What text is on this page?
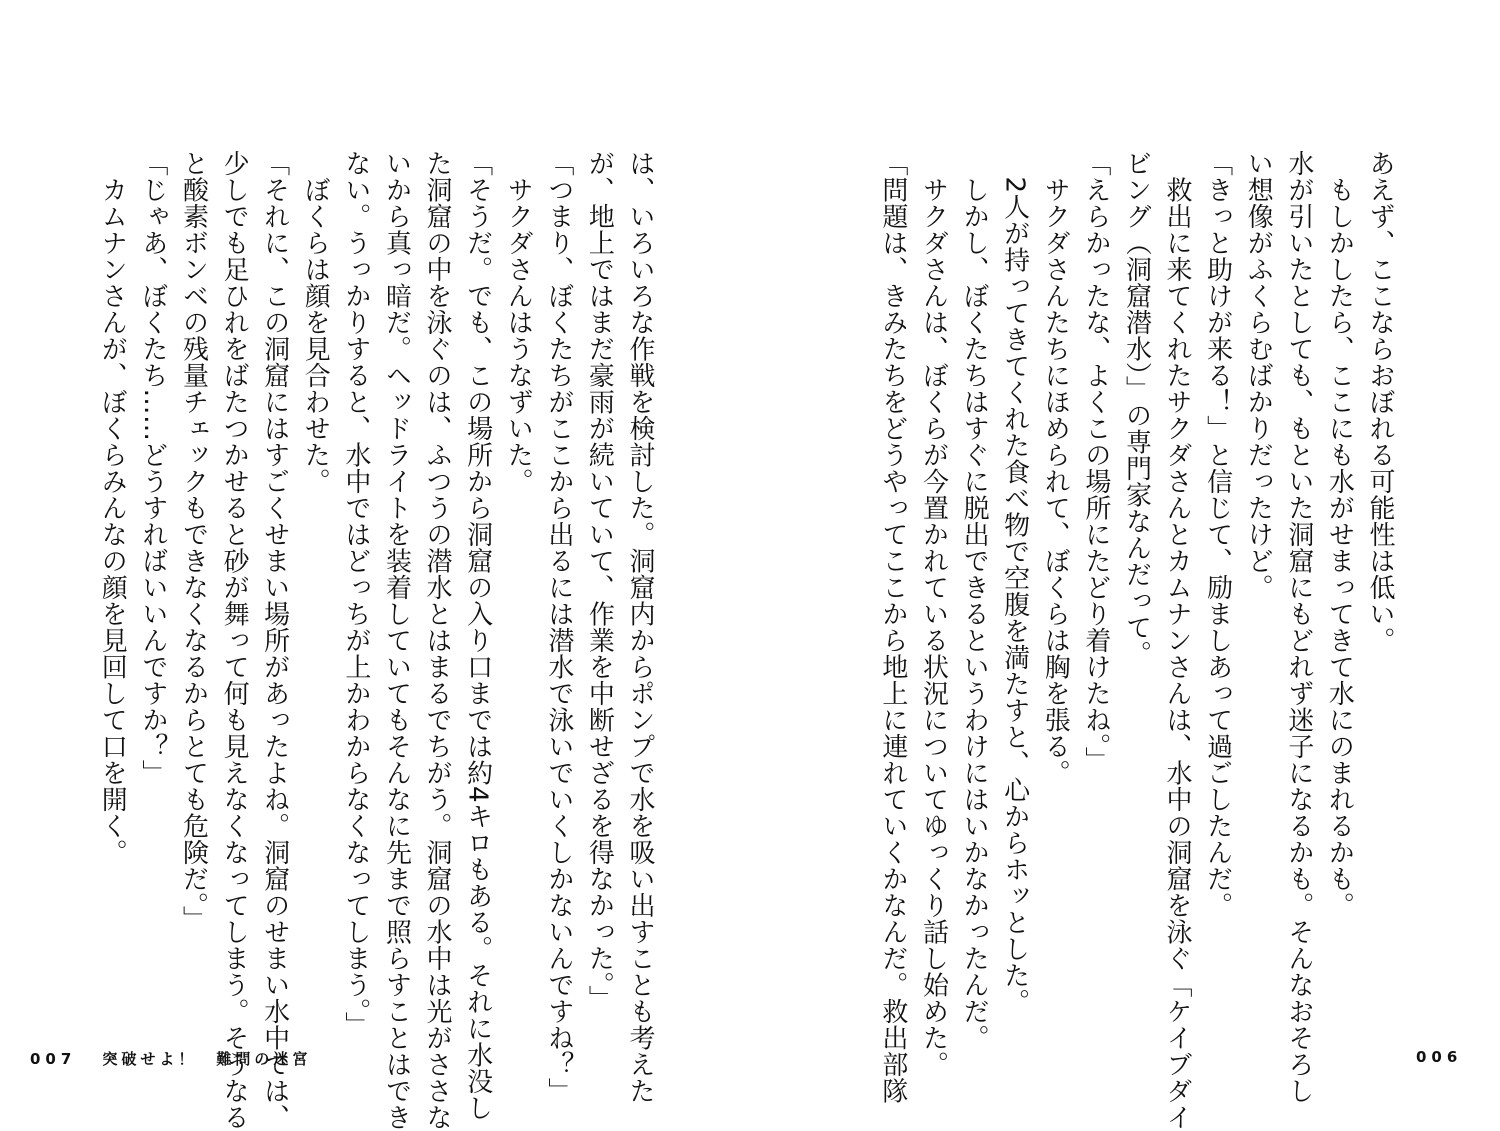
あえず、ここならおぼれる可能性は低い。

　もしかしたら、ここにも水がせまってきて水にのまれるかも。

水が引いたとしても、もといた洞窟にもどれず迷子になるかも。そんなおそろし

い想像がふくらむばかりだったけど。

「きっと助けが来る！」と信じて、励ましあって過ごしたんだ。

　救出に来てくれたサクダさんとカムナンさんは、水中の洞窟を泳ぐ「ケイブダイ

ビング（洞窟潜水）」の専門家なんだって。

「えらかったな、よくこの場所にたどり着けたね。」

　サクダさんたちにほめられて、ぼくらは胸を張る。

　2人が持ってきてくれた食べ物で空腹を満たすと、心からホッとした。

　しかし、ぼくたちはすぐに脱出できるというわけにはいかなかったんだ。

　サクダさんは、ぼくらが今置かれている状況についてゆっくり話し始めた。

「問題は、きみたちをどうやってここから地上に連れていくかなんだ。救出部隊

は、いろいろな作戦を検討した。洞窟内からポンプで水を吸い出すことも考えた

が、地上ではまだ豪雨が続いていて、作業を中断せざるを得なかった。」

「つまり、ぼくたちがここから出るには潜水で泳いでいくしかないんですね？」

　サクダさんはうなずいた。

「そうだ。でも、この場所から洞窟の入り口までは約4キロもある。それに水没し

た洞窟の中を泳ぐのは、ふつうの潜水とはまるでちがう。洞窟の水中は光がささな

いから真っ暗だ。ヘッドライトを装着していてもそんなに先まで照らすことはでき

ない。うっかりすると、水中ではどっちが上かわからなくなってしまう。」

　ぼくらは顔を見合わせた。

「それに、この洞窟にはすごくせまい場所があったよね。洞窟のせまい水中では、

少しでも足ひれをばたつかせると砂が舞って何も見えなくなってしまう。そうなる

と酸素ボンベの残量チェックもできなくなるからとても危険だ。」

「じゃあ、ぼくたち……どうすればいいんですか？」

　カムナンさんが、ぼくらみんなの顔を見回して口を開く。

007 突破せよ！　難問の迷宮	006
